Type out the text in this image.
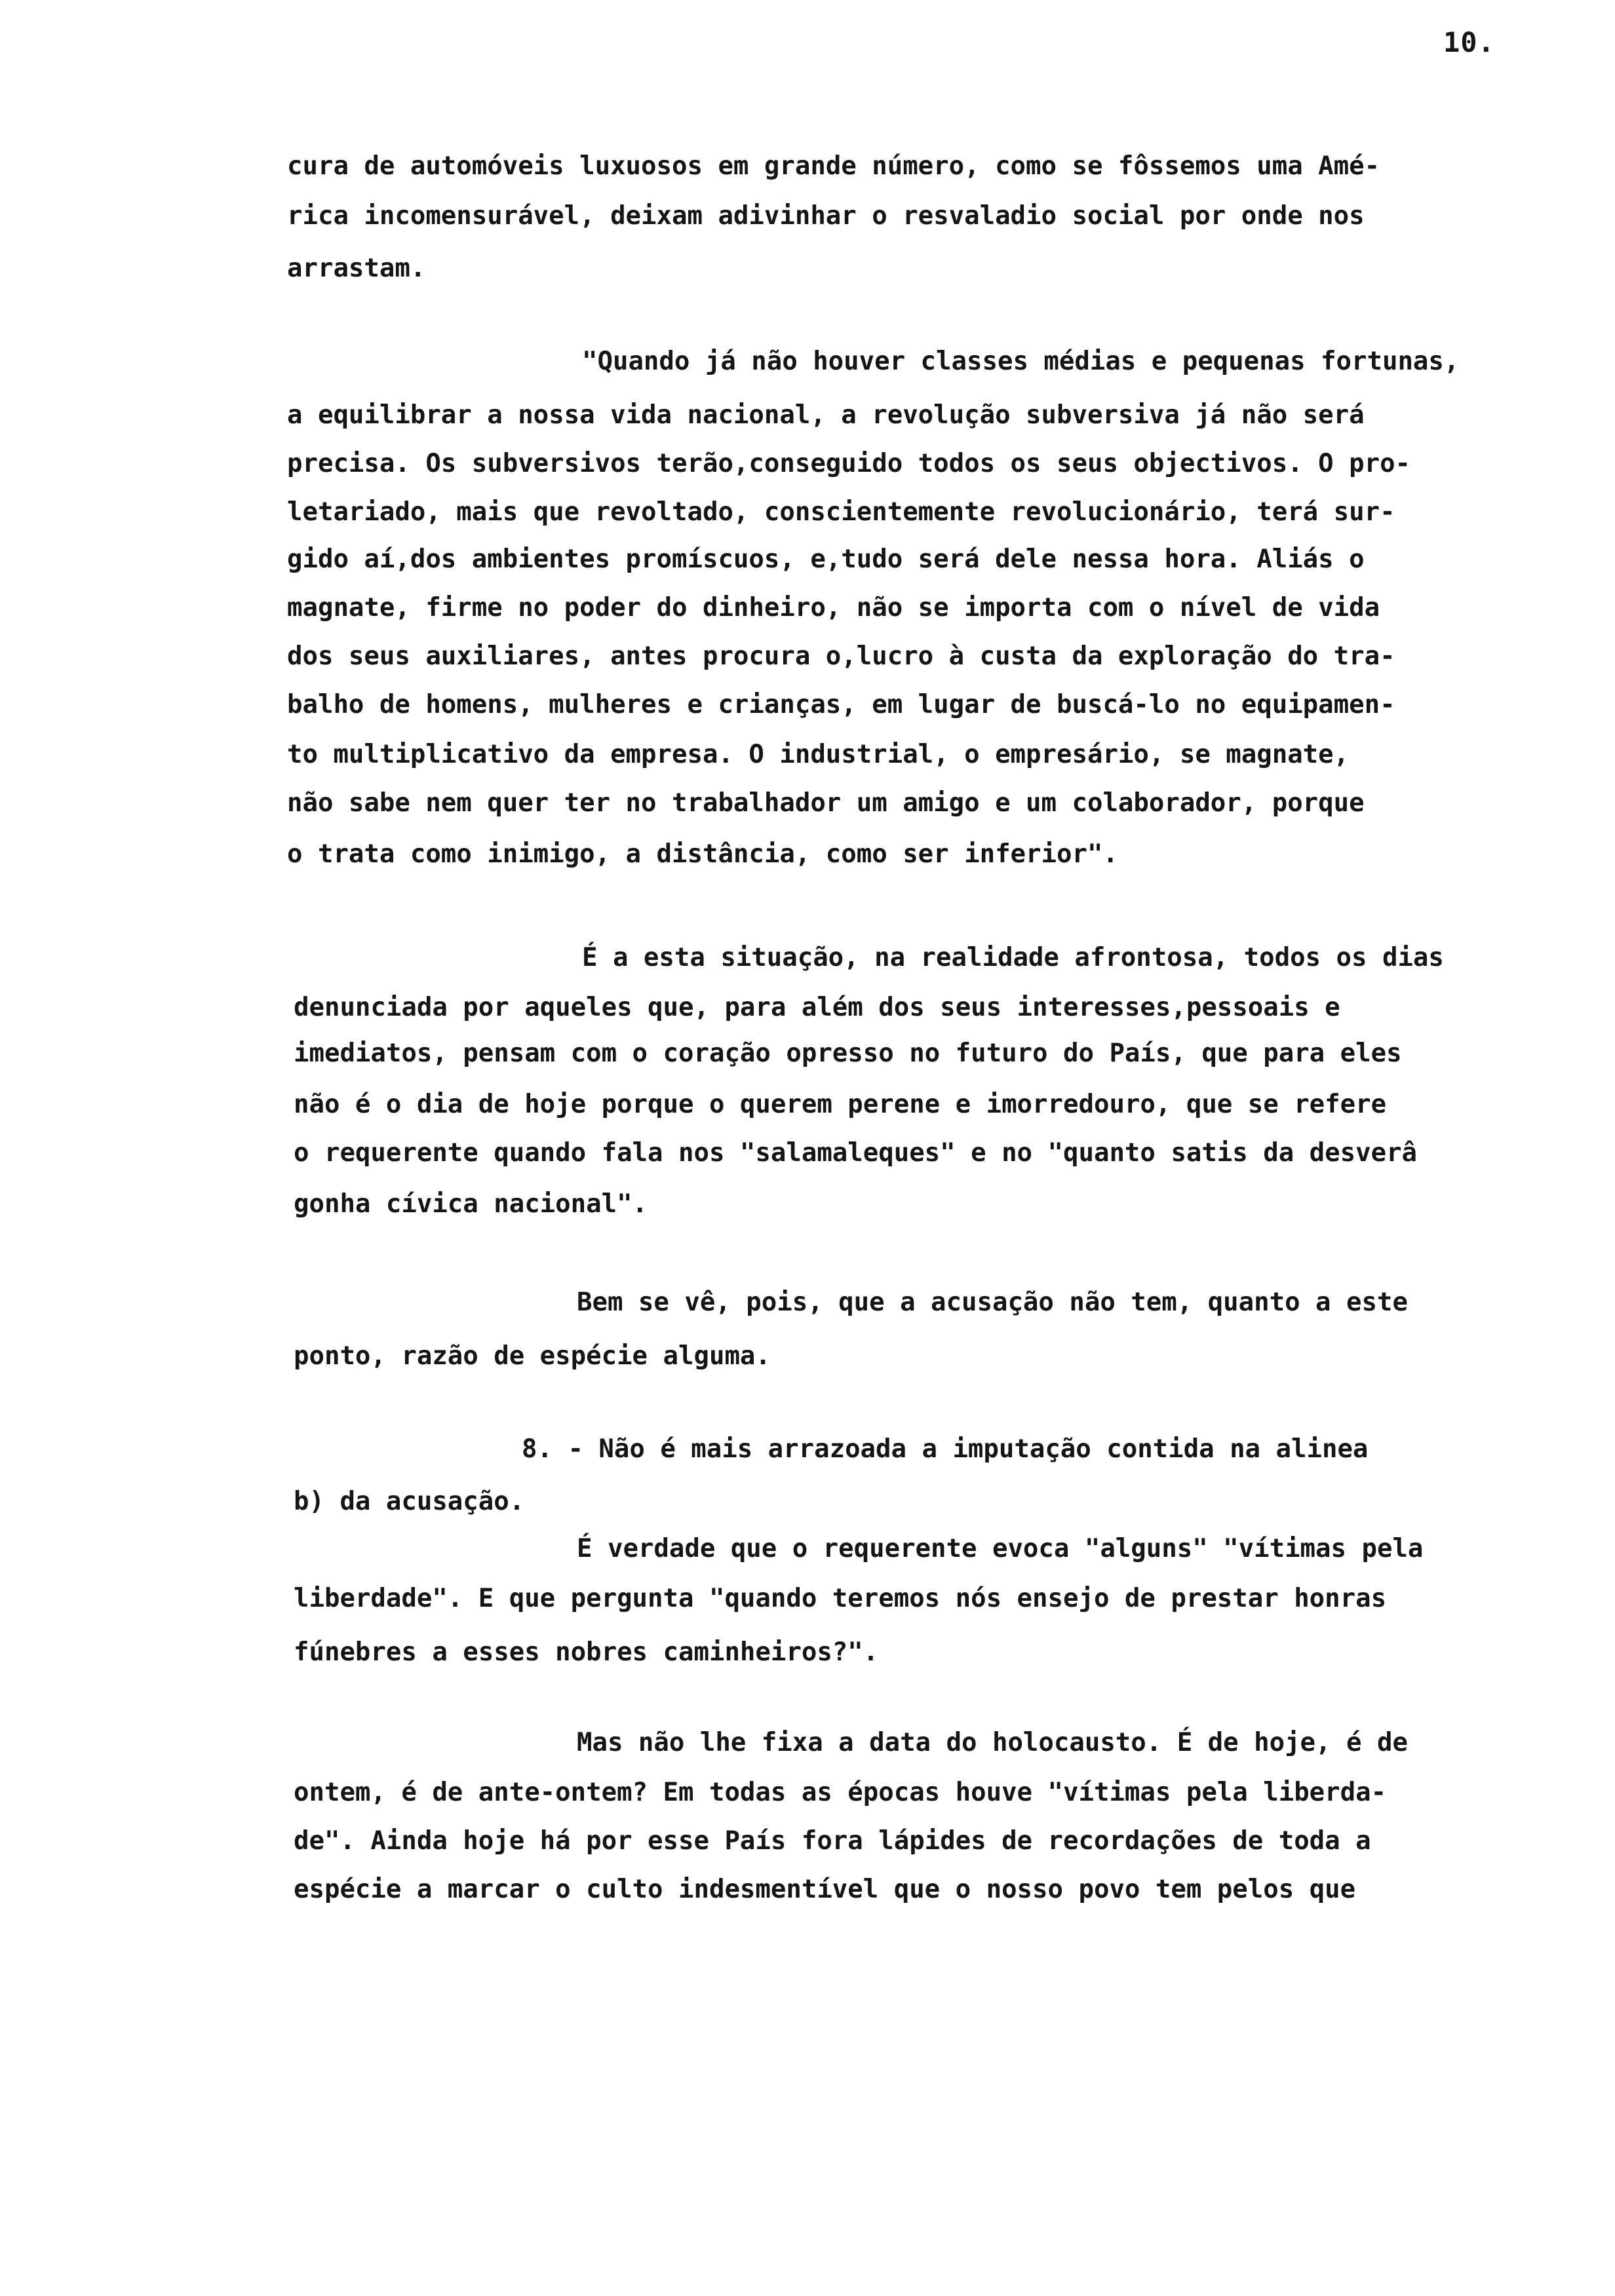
10.
cura de automóveis luxuosos em grande número, como se fôssemos uma Amé-
rica incomensurável, deixam adivinhar o resvaladio social por onde nos
arrastam.
"Quando já não houver classes médias e pequenas fortunas,
a equilibrar a nossa vida nacional, a revolução subversiva já não será
precisa. Os subversivos terão,conseguido todos os seus objectivos. O pro-
letariado, mais que revoltado, conscientemente revolucionário, terá sur-
gido aí,dos ambientes promíscuos, e,tudo será dele nessa hora. Aliás o
magnate, firme no poder do dinheiro, não se importa com o nível de vida
dos seus auxiliares, antes procura o,lucro à custa da exploração do tra-
balho de homens, mulheres e crianças, em lugar de buscá-lo no equipamen-
to multiplicativo da empresa. O industrial, o empresário, se magnate,
não sabe nem quer ter no trabalhador um amigo e um colaborador, porque
o trata como inimigo, a distância, como ser inferior".
É a esta situação, na realidade afrontosa, todos os dias
denunciada por aqueles que, para além dos seus interesses,pessoais e
imediatos, pensam com o coração opresso no futuro do País, que para eles
não é o dia de hoje porque o querem perene e imorredouro, que se refere
o requerente quando fala nos "salamaleques" e no "quanto satis da desverâ
gonha cívica nacional".
Bem se vê, pois, que a acusação não tem, quanto a este
ponto, razão de espécie alguma.
8. - Não é mais arrazoada a imputação contida na alinea
b) da acusação.
É verdade que o requerente evoca "alguns" "vítimas pela
liberdade". E que pergunta "quando teremos nós ensejo de prestar honras
fúnebres a esses nobres caminheiros?".
Mas não lhe fixa a data do holocausto. É de hoje, é de
ontem, é de ante-ontem? Em todas as épocas houve "vítimas pela liberda-
de". Ainda hoje há por esse País fora lápides de recordações de toda a
espécie a marcar o culto indesmentível que o nosso povo tem pelos que
